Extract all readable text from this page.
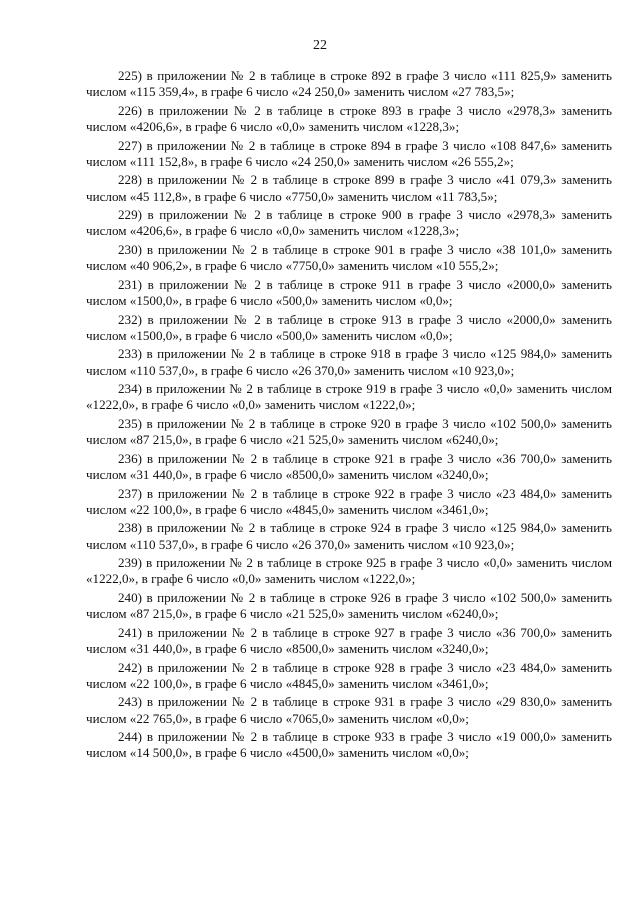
22

225) в приложении № 2 в таблице в строке 892 в графе 3 число «111 825,9» заменить числом «115 359,4», в графе 6 число «24 250,0» заменить числом «27 783,5»;

226) в приложении № 2 в таблице в строке 893 в графе 3 число «2978,3» заменить числом «4206,6», в графе 6 число «0,0» заменить числом «1228,3»;

227) в приложении № 2 в таблице в строке 894 в графе 3 число «108 847,6» заменить числом «111 152,8», в графе 6 число «24 250,0» заменить числом «26 555,2»;

228) в приложении № 2 в таблице в строке 899 в графе 3 число «41 079,3» заменить числом «45 112,8», в графе 6 число «7750,0» заменить числом «11 783,5»;

229) в приложении № 2 в таблице в строке 900 в графе 3 число «2978,3» заменить числом «4206,6», в графе 6 число «0,0» заменить числом «1228,3»;

230) в приложении № 2 в таблице в строке 901 в графе 3 число «38 101,0» заменить числом «40 906,2», в графе 6 число «7750,0» заменить числом «10 555,2»;

231) в приложении № 2 в таблице в строке 911 в графе 3 число «2000,0» заменить числом «1500,0», в графе 6 число «500,0» заменить числом «0,0»;

232) в приложении № 2 в таблице в строке 913 в графе 3 число «2000,0» заменить числом «1500,0», в графе 6 число «500,0» заменить числом «0,0»;

233) в приложении № 2 в таблице в строке 918 в графе 3 число «125 984,0» заменить числом «110 537,0», в графе 6 число «26 370,0» заменить числом «10 923,0»;

234) в приложении № 2 в таблице в строке 919 в графе 3 число «0,0» заменить числом «1222,0», в графе 6 число «0,0» заменить числом «1222,0»;

235) в приложении № 2 в таблице в строке 920 в графе 3 число «102 500,0» заменить числом «87 215,0», в графе 6 число «21 525,0» заменить числом «6240,0»;

236) в приложении № 2 в таблице в строке 921 в графе 3 число «36 700,0» заменить числом «31 440,0», в графе 6 число «8500,0» заменить числом «3240,0»;

237) в приложении № 2 в таблице в строке 922 в графе 3 число «23 484,0» заменить числом «22 100,0», в графе 6 число «4845,0» заменить числом «3461,0»;

238) в приложении № 2 в таблице в строке 924 в графе 3 число «125 984,0» заменить числом «110 537,0», в графе 6 число «26 370,0» заменить числом «10 923,0»;

239) в приложении № 2 в таблице в строке 925 в графе 3 число «0,0» заменить числом «1222,0», в графе 6 число «0,0» заменить числом «1222,0»;

240) в приложении № 2 в таблице в строке 926 в графе 3 число «102 500,0» заменить числом «87 215,0», в графе 6 число «21 525,0» заменить числом «6240,0»;

241) в приложении № 2 в таблице в строке 927 в графе 3 число «36 700,0» заменить числом «31 440,0», в графе 6 число «8500,0» заменить числом «3240,0»;

242) в приложении № 2 в таблице в строке 928 в графе 3 число «23 484,0» заменить числом «22 100,0», в графе 6 число «4845,0» заменить числом «3461,0»;

243) в приложении № 2 в таблице в строке 931 в графе 3 число «29 830,0» заменить числом «22 765,0», в графе 6 число «7065,0» заменить числом «0,0»;

244) в приложении № 2 в таблице в строке 933 в графе 3 число «19 000,0» заменить числом «14 500,0», в графе 6 число «4500,0» заменить числом «0,0»;
